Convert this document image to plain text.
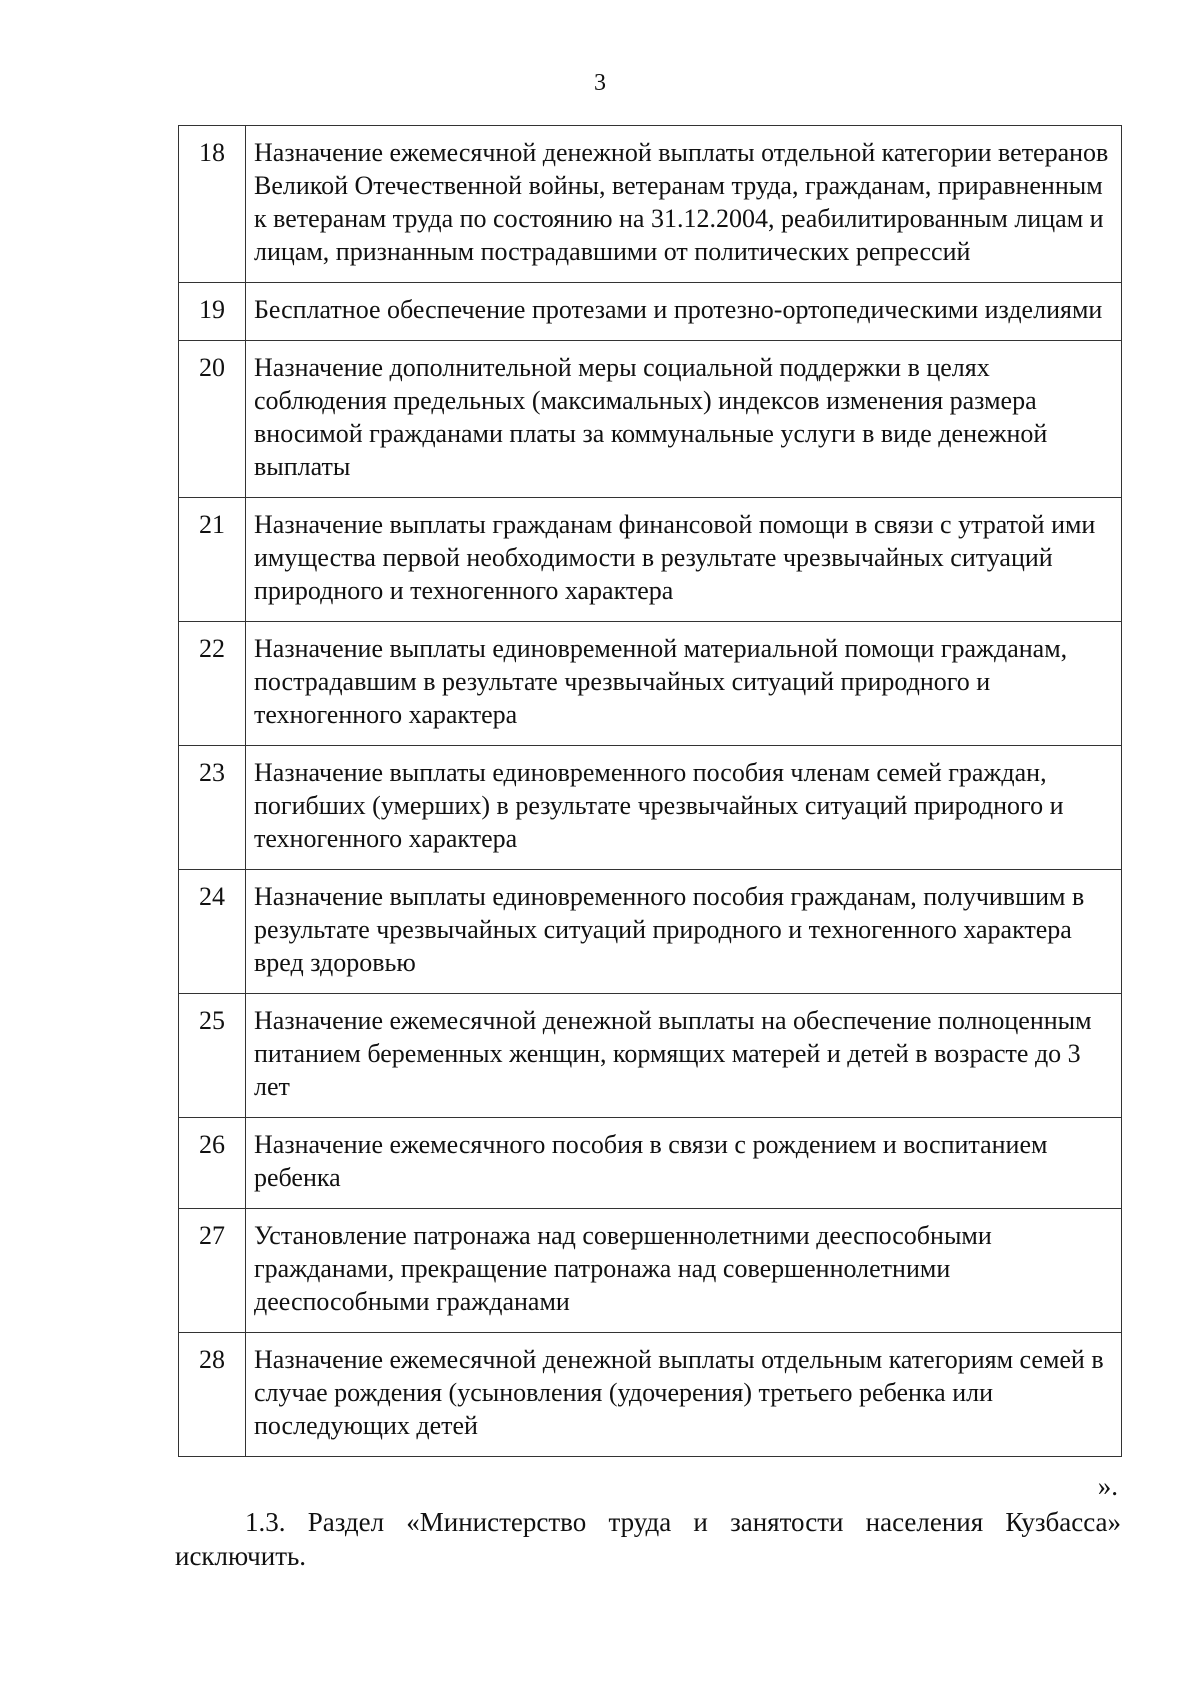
3
18	Назначение ежемесячной денежной выплаты отдельной категории ветеранов Великой Отечественной войны, ветеранам труда, гражданам, приравненным к ветеранам труда по состоянию на 31.12.2004, реабилитированным лицам и лицам, признанным пострадавшими от политических репрессий
19	Бесплатное обеспечение протезами и протезно-ортопедическими изделиями
20	Назначение дополнительной меры социальной поддержки в целях соблюдения предельных (максимальных) индексов изменения размера вносимой гражданами платы за коммунальные услуги в виде денежной выплаты
21	Назначение выплаты гражданам финансовой помощи в связи с утратой ими имущества первой необходимости в результате чрезвычайных ситуаций природного и техногенного характера
22	Назначение выплаты единовременной материальной помощи гражданам, пострадавшим в результате чрезвычайных ситуаций природного и техногенного характера
23	Назначение выплаты единовременного пособия членам семей граждан, погибших (умерших) в результате чрезвычайных ситуаций природного и техногенного характера
24	Назначение выплаты единовременного пособия гражданам, получившим в результате чрезвычайных ситуаций природного и техногенного характера вред здоровью
25	Назначение ежемесячной денежной выплаты на обеспечение полноценным питанием беременных женщин, кормящих матерей и детей в возрасте до 3 лет
26	Назначение ежемесячного пособия в связи с рождением и воспитанием ребенка
27	Установление патронажа над совершеннолетними дееспособными гражданами, прекращение патронажа над совершеннолетними дееспособными гражданами
28	Назначение ежемесячной денежной выплаты отдельным категориям семей в случае рождения (усыновления (удочерения) третьего ребенка или последующих детей
».
1.3. Раздел «Министерство труда и занятости населения Кузбасса» исключить.
